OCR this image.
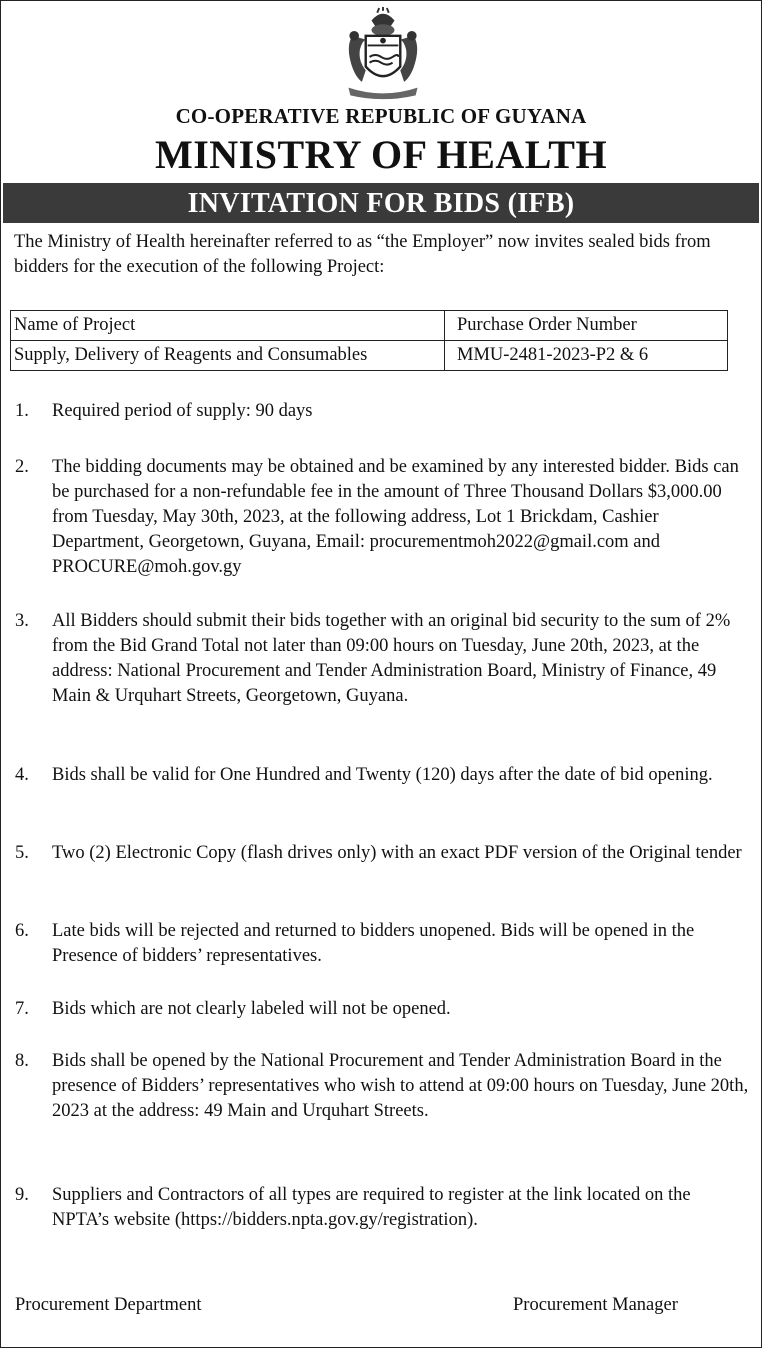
CO-OPERATIVE REPUBLIC OF GUYANA
MINISTRY OF HEALTH
INVITATION FOR BIDS (IFB)
The Ministry of Health hereinafter referred to as “the Employer” now invites sealed bids from bidders for the execution of the following Project:
Name of Project	Purchase Order Number
Supply, Delivery of Reagents and Consumables	MMU-2481-2023-P2 & 6
1. Required period of supply: 90 days
2. The bidding documents may be obtained and be examined by any interested bidder. Bids can be purchased for a non-refundable fee in the amount of Three Thousand Dollars $3,000.00 from Tuesday, May 30th, 2023, at the following address, Lot 1 Brickdam, Cashier Department, Georgetown, Guyana, Email: procurementmoh2022@gmail.com and PROCURE@moh.gov.gy
3. All Bidders should submit their bids together with an original bid security to the sum of 2% from the Bid Grand Total not later than 09:00 hours on Tuesday, June 20th, 2023, at the address: National Procurement and Tender Administration Board, Ministry of Finance, 49 Main & Urquhart Streets, Georgetown, Guyana.
4. Bids shall be valid for One Hundred and Twenty (120) days after the date of bid opening.
5. Two (2) Electronic Copy (flash drives only) with an exact PDF version of the Original tender
6. Late bids will be rejected and returned to bidders unopened. Bids will be opened in the Presence of bidders’ representatives.
7. Bids which are not clearly labeled will not be opened.
8. Bids shall be opened by the National Procurement and Tender Administration Board in the presence of Bidders’ representatives who wish to attend at 09:00 hours on Tuesday, June 20th, 2023 at the address: 49 Main and Urquhart Streets.
9. Suppliers and Contractors of all types are required to register at the link located on the NPTA’s website (https://bidders.npta.gov.gy/registration).
Procurement Department	Procurement Manager
